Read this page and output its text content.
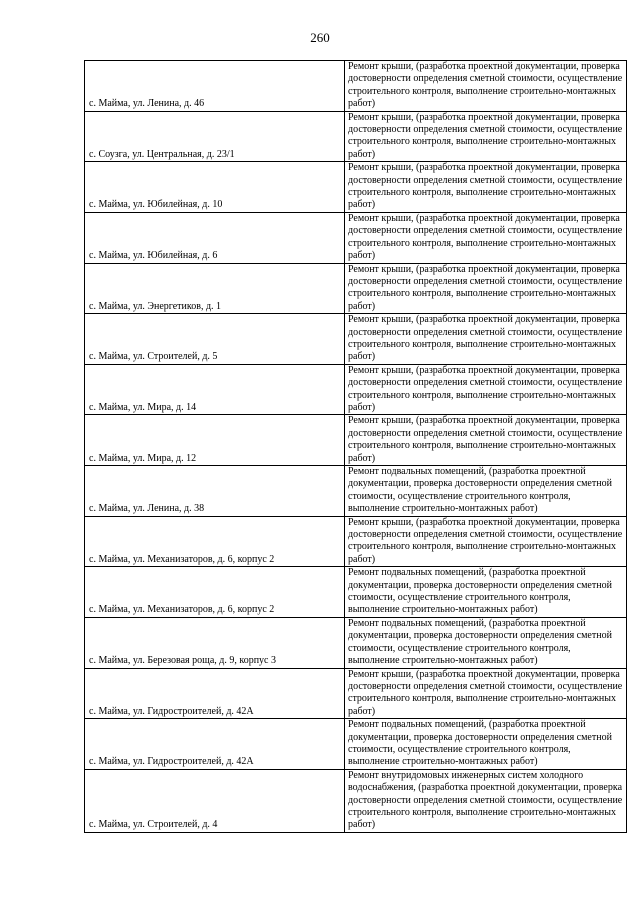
260
с. Майма, ул. Ленина, д. 46	Ремонт крыши, (разработка проектной документации, проверка достоверности определения сметной стоимости, осуществление строительного контроля, выполнение строительно-монтажных работ)
с. Соузга, ул. Центральная, д. 23/1	Ремонт крыши, (разработка проектной документации, проверка достоверности определения сметной стоимости, осуществление строительного контроля, выполнение строительно-монтажных работ)
с. Майма, ул. Юбилейная, д. 10	Ремонт крыши, (разработка проектной документации, проверка достоверности определения сметной стоимости, осуществление строительного контроля, выполнение строительно-монтажных работ)
с. Майма, ул. Юбилейная, д. 6	Ремонт крыши, (разработка проектной документации, проверка достоверности определения сметной стоимости, осуществление строительного контроля, выполнение строительно-монтажных работ)
с. Майма, ул. Энергетиков, д. 1	Ремонт крыши, (разработка проектной документации, проверка достоверности определения сметной стоимости, осуществление строительного контроля, выполнение строительно-монтажных работ)
с. Майма, ул. Строителей, д. 5	Ремонт крыши, (разработка проектной документации, проверка достоверности определения сметной стоимости, осуществление строительного контроля, выполнение строительно-монтажных работ)
с. Майма, ул. Мира, д. 14	Ремонт крыши, (разработка проектной документации, проверка достоверности определения сметной стоимости, осуществление строительного контроля, выполнение строительно-монтажных работ)
с. Майма, ул. Мира, д. 12	Ремонт крыши, (разработка проектной документации, проверка достоверности определения сметной стоимости, осуществление строительного контроля, выполнение строительно-монтажных работ)
с. Майма, ул. Ленина, д. 38	Ремонт подвальных помещений, (разработка проектной документации, проверка достоверности определения сметной стоимости, осуществление строительного контроля, выполнение строительно-монтажных работ)
с. Майма, ул. Механизаторов, д. 6, корпус 2	Ремонт крыши, (разработка проектной документации, проверка достоверности определения сметной стоимости, осуществление строительного контроля, выполнение строительно-монтажных работ)
с. Майма, ул. Механизаторов, д. 6, корпус 2	Ремонт подвальных помещений, (разработка проектной документации, проверка достоверности определения сметной стоимости, осуществление строительного контроля, выполнение строительно-монтажных работ)
с. Майма, ул. Березовая роща, д. 9, корпус 3	Ремонт подвальных помещений, (разработка проектной документации, проверка достоверности определения сметной стоимости, осуществление строительного контроля, выполнение строительно-монтажных работ)
с. Майма, ул. Гидростроителей, д. 42А	Ремонт крыши, (разработка проектной документации, проверка достоверности определения сметной стоимости, осуществление строительного контроля, выполнение строительно-монтажных работ)
с. Майма, ул. Гидростроителей, д. 42А	Ремонт подвальных помещений, (разработка проектной документации, проверка достоверности определения сметной стоимости, осуществление строительного контроля, выполнение строительно-монтажных работ)
с. Майма, ул. Строителей, д. 4	Ремонт внутридомовых инженерных систем холодного водоснабжения, (разработка проектной документации, проверка достоверности определения сметной стоимости, осуществление строительного контроля, выполнение строительно-монтажных работ)
